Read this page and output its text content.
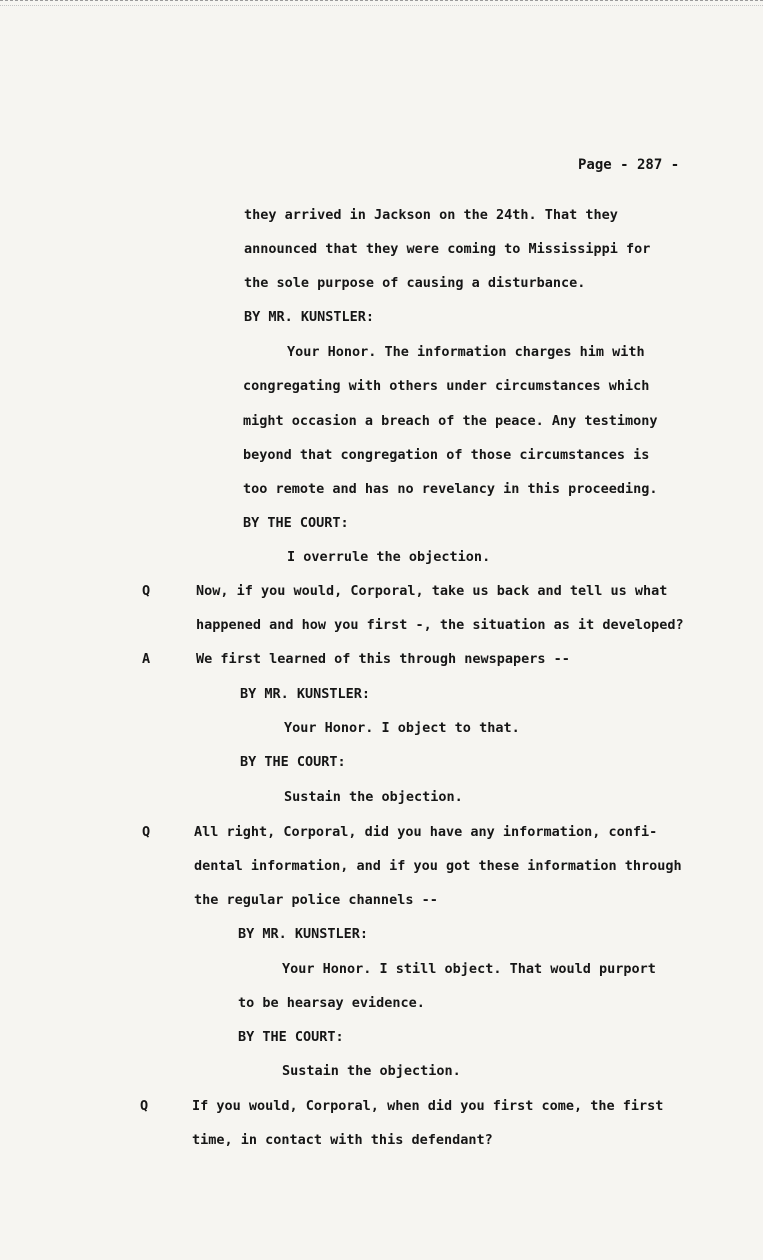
Page - 287 -
they arrived in Jackson on the 24th. That they
announced that they were coming to Mississippi for
the sole purpose of causing a disturbance.
BY MR. KUNSTLER:
Your Honor. The information charges him with
congregating with others under circumstances which
might occasion a breach of the peace. Any testimony
beyond that congregation of those circumstances is
too remote and has no revelancy in this proceeding.
BY THE COURT:
I overrule the objection.
Q	Now, if you would, Corporal, take us back and tell us what
happened and how you first -, the situation as it developed?
A	We first learned of this through newspapers --
BY MR. KUNSTLER:
Your Honor. I object to that.
BY THE COURT:
Sustain the objection.
Q	All right, Corporal, did you have any information, confi-
dental information, and if you got these information through
the regular police channels --
BY MR. KUNSTLER:
Your Honor. I still object. That would purport
to be hearsay evidence.
BY THE COURT:
Sustain the objection.
Q	If you would, Corporal, when did you first come, the first
time, in contact with this defendant?
